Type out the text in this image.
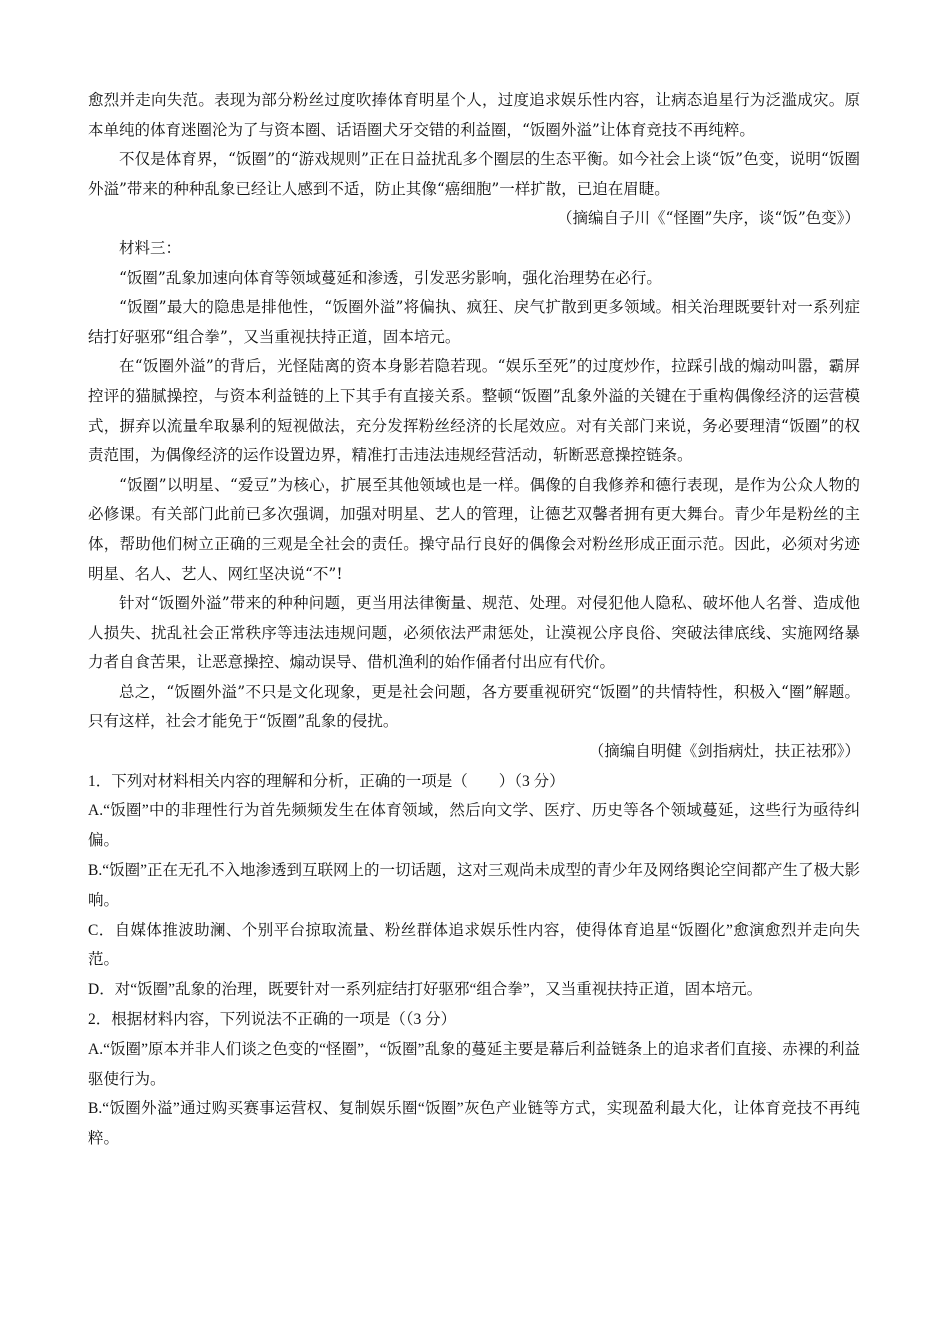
愈烈并走向失范。表现为部分粉丝过度吹捧体育明星个人，过度追求娱乐性内容，让病态追星行为泛滥成灾。原本单纯的体育迷圈沦为了与资本圈、话语圈犬牙交错的利益圈，“饭圈外溢”让体育竞技不再纯粹。

不仅是体育界，“饭圈”的“游戏规则”正在日益扰乱多个圈层的生态平衡。如今社会上谈“饭”色变，说明“饭圈外溢”带来的种种乱象已经让人感到不适，防止其像“癌细胞”一样扩散，已迫在眉睫。

（摘编自子川《“怪圈”失序，谈“饭”色变》）

材料三：

“饭圈”乱象加速向体育等领域蔓延和渗透，引发恶劣影响，强化治理势在必行。

“饭圈”最大的隐患是排他性，“饭圈外溢”将偏执、疯狂、戾气扩散到更多领域。相关治理既要针对一系列症结打好驱邪“组合拳”，又当重视扶持正道，固本培元。

在“饭圈外溢”的背后，光怪陆离的资本身影若隐若现。“娱乐至死”的过度炒作，拉踩引战的煽动叫嚣，霸屏控评的猫腻操控，与资本利益链的上下其手有直接关系。整顿“饭圈”乱象外溢的关键在于重构偶像经济的运营模式，摒弃以流量牟取暴利的短视做法，充分发挥粉丝经济的长尾效应。对有关部门来说，务必要理清“饭圈”的权责范围，为偶像经济的运作设置边界，精准打击违法违规经营活动，斩断恶意操控链条。

“饭圈”以明星、“爱豆”为核心，扩展至其他领域也是一样。偶像的自我修养和德行表现，是作为公众人物的必修课。有关部门此前已多次强调，加强对明星、艺人的管理，让德艺双馨者拥有更大舞台。青少年是粉丝的主体，帮助他们树立正确的三观是全社会的责任。操守品行良好的偶像会对粉丝形成正面示范。因此，必须对劣迹明星、名人、艺人、网红坚决说“不”!

针对“饭圈外溢”带来的种种问题，更当用法律衡量、规范、处理。对侵犯他人隐私、破坏他人名誉、造成他人损失、扰乱社会正常秩序等违法违规问题，必须依法严肃惩处，让漠视公序良俗、突破法律底线、实施网络暴力者自食苦果，让恶意操控、煽动误导、借机渔利的始作俑者付出应有代价。

总之，“饭圈外溢”不只是文化现象，更是社会问题，各方要重视研究“饭圈”的共情特性，积极入“圈”解题。只有这样，社会才能免于“饭圈”乱象的侵扰。

（摘编自明健《剑指病灶，扶正祛邪》）

1．下列对材料相关内容的理解和分析，正确的一项是（　　）（3 分）

A.“饭圈”中的非理性行为首先频频发生在体育领域，然后向文学、医疗、历史等各个领域蔓延，这些行为亟待纠偏。

B.“饭圈”正在无孔不入地渗透到互联网上的一切话题，这对三观尚未成型的青少年及网络舆论空间都产生了极大影响。

C．自媒体推波助澜、个别平台掠取流量、粉丝群体追求娱乐性内容，使得体育追星“饭圈化”愈演愈烈并走向失范。

D．对“饭圈”乱象的治理，既要针对一系列症结打好驱邪“组合拳”，又当重视扶持正道，固本培元。

2．根据材料内容，下列说法不正确的一项是（（3 分）

A.“饭圈”原本并非人们谈之色变的“怪圈”，“饭圈”乱象的蔓延主要是幕后利益链条上的追求者们直接、赤裸的利益驱使行为。

B.“饭圈外溢”通过购买赛事运营权、复制娱乐圈“饭圈”灰色产业链等方式，实现盈利最大化，让体育竞技不再纯粹。
